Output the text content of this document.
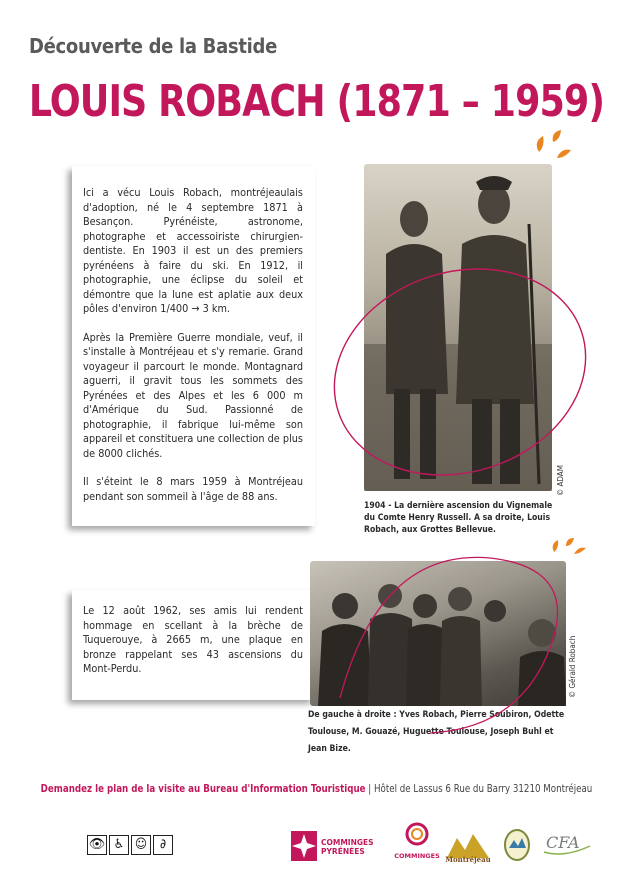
Découverte de la Bastide
LOUIS ROBACH (1871 – 1959)

Ici a vécu Louis Robach, montréjeaulais d'adoption, né le 4 septembre 1871 à Besançon. Pyrénéiste, astronome, photographe et accessoiriste chirurgien-dentiste. En 1903 il est un des premiers pyrénéens à faire du ski. En 1912, il photographie, une éclipse du soleil et démontre que la lune est aplatie aux deux pôles d'environ 1/400 → 3 km.

Après la Première Guerre mondiale, veuf, il s'installe à Montréjeau et s'y remarie. Grand voyageur il parcourt le monde. Montagnard aguerri, il gravit tous les sommets des Pyrénées et des Alpes et les 6 000 m d'Amérique du Sud. Passionné de photographie, il fabrique lui-même son appareil et constituera une collection de plus de 8000 clichés.

Il s'éteint le 8 mars 1959 à Montréjeau pendant son sommeil à l'âge de 88 ans.	© ADAM
1904 - La dernière ascension du Vignemale du Comte Henry Russell. A sa droite, Louis Robach, aux Grottes Bellevue.

Le 12 août 1962, ses amis lui rendent hommage en scellant à la brèche de Tuquerouye, à 2665 m, une plaque en bronze rappelant ses 43 ascensions du Mont-Perdu.	© Gérald Robach
De gauche à droite : Yves Robach, Pierre Soubiron, Odette Toulouse, M. Gouazé, Huguette Toulouse, Joseph Buhl et Jean Bize.
Demandez le plan de la visite au Bureau d'Information Touristique | Hôtel de Lassus 6 Rue du Barry 31210 Montréjeau
👁 ♿ ☺ ∂	COMMINGES
PYRÉNÉES	COMMINGES Montréjeau
CFA
